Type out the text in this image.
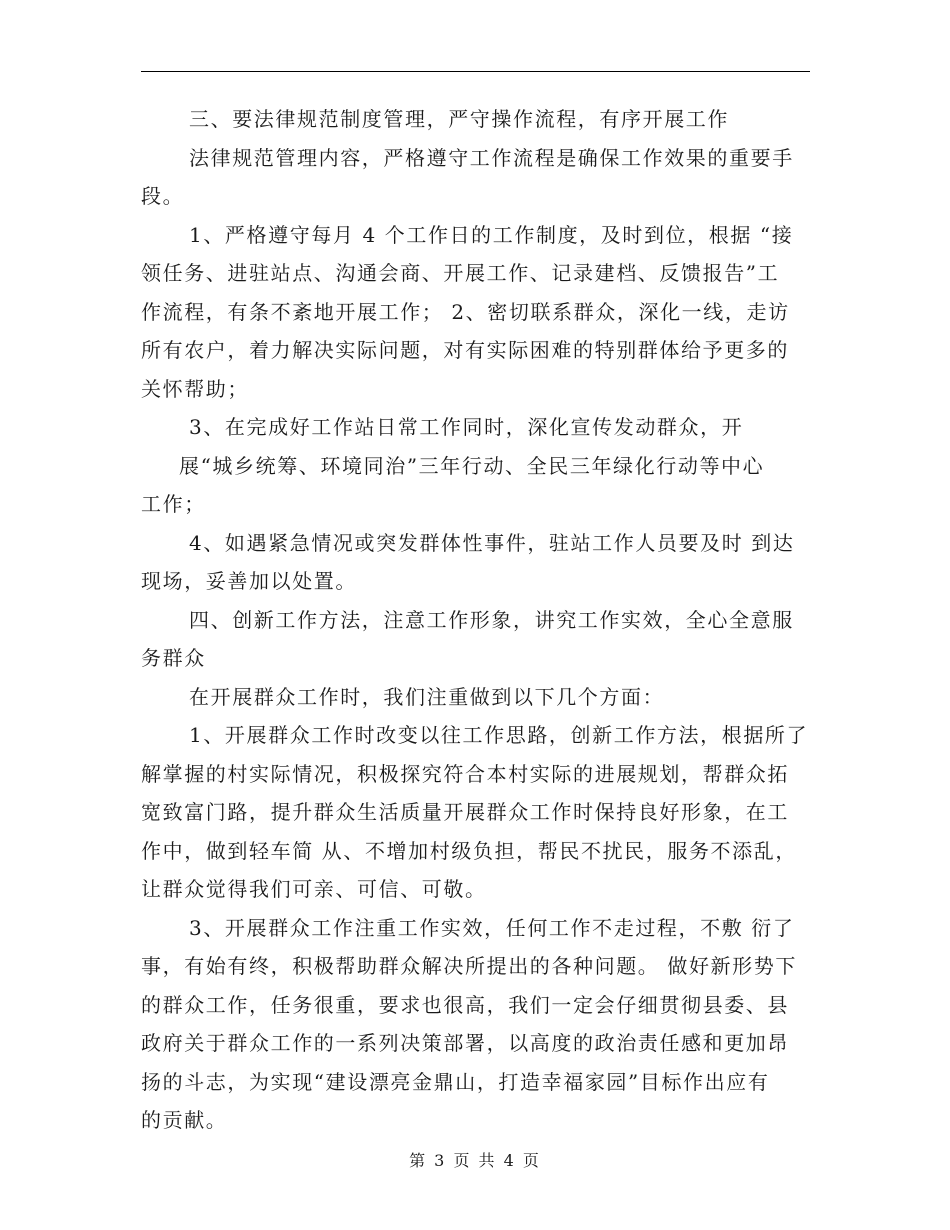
三、要法律规范制度管理，严守操作流程，有序开展工作
法律规范管理内容，严格遵守工作流程是确保工作效果的重要手
段。
1、严格遵守每月 4 个工作日的工作制度，及时到位，根据 “接
领任务、进驻站点、沟通会商、开展工作、记录建档、反馈报告”工
作流程，有条不紊地开展工作； 2、密切联系群众，深化一线，走访
所有农户，着力解决实际问题，对有实际困难的特别群体给予更多的
关怀帮助；
3、在完成好工作站日常工作同时，深化宣传发动群众，开
展“城乡统筹、环境同治”三年行动、全民三年绿化行动等中心
工作；
4、如遇紧急情况或突发群体性事件，驻站工作人员要及时 到达
现场，妥善加以处置。
四、创新工作方法，注意工作形象，讲究工作实效，全心全意服
务群众
在开展群众工作时，我们注重做到以下几个方面：
1、开展群众工作时改变以往工作思路，创新工作方法，根据所了
解掌握的村实际情况，积极探究符合本村实际的进展规划，帮群众拓
宽致富门路，提升群众生活质量开展群众工作时保持良好形象，在工
作中，做到轻车简 从、不增加村级负担，帮民不扰民，服务不添乱，
让群众觉得我们可亲、可信、可敬。
3、开展群众工作注重工作实效，任何工作不走过程，不敷 衍了
事，有始有终，积极帮助群众解决所提出的各种问题。 做好新形势下
的群众工作，任务很重，要求也很高，我们一定会仔细贯彻县委、县
政府关于群众工作的一系列决策部署，以高度的政治责任感和更加昂
扬的斗志，为实现“建设漂亮金鼎山，打造幸福家园”目标作出应有
的贡献。
第 3 页 共 4 页
